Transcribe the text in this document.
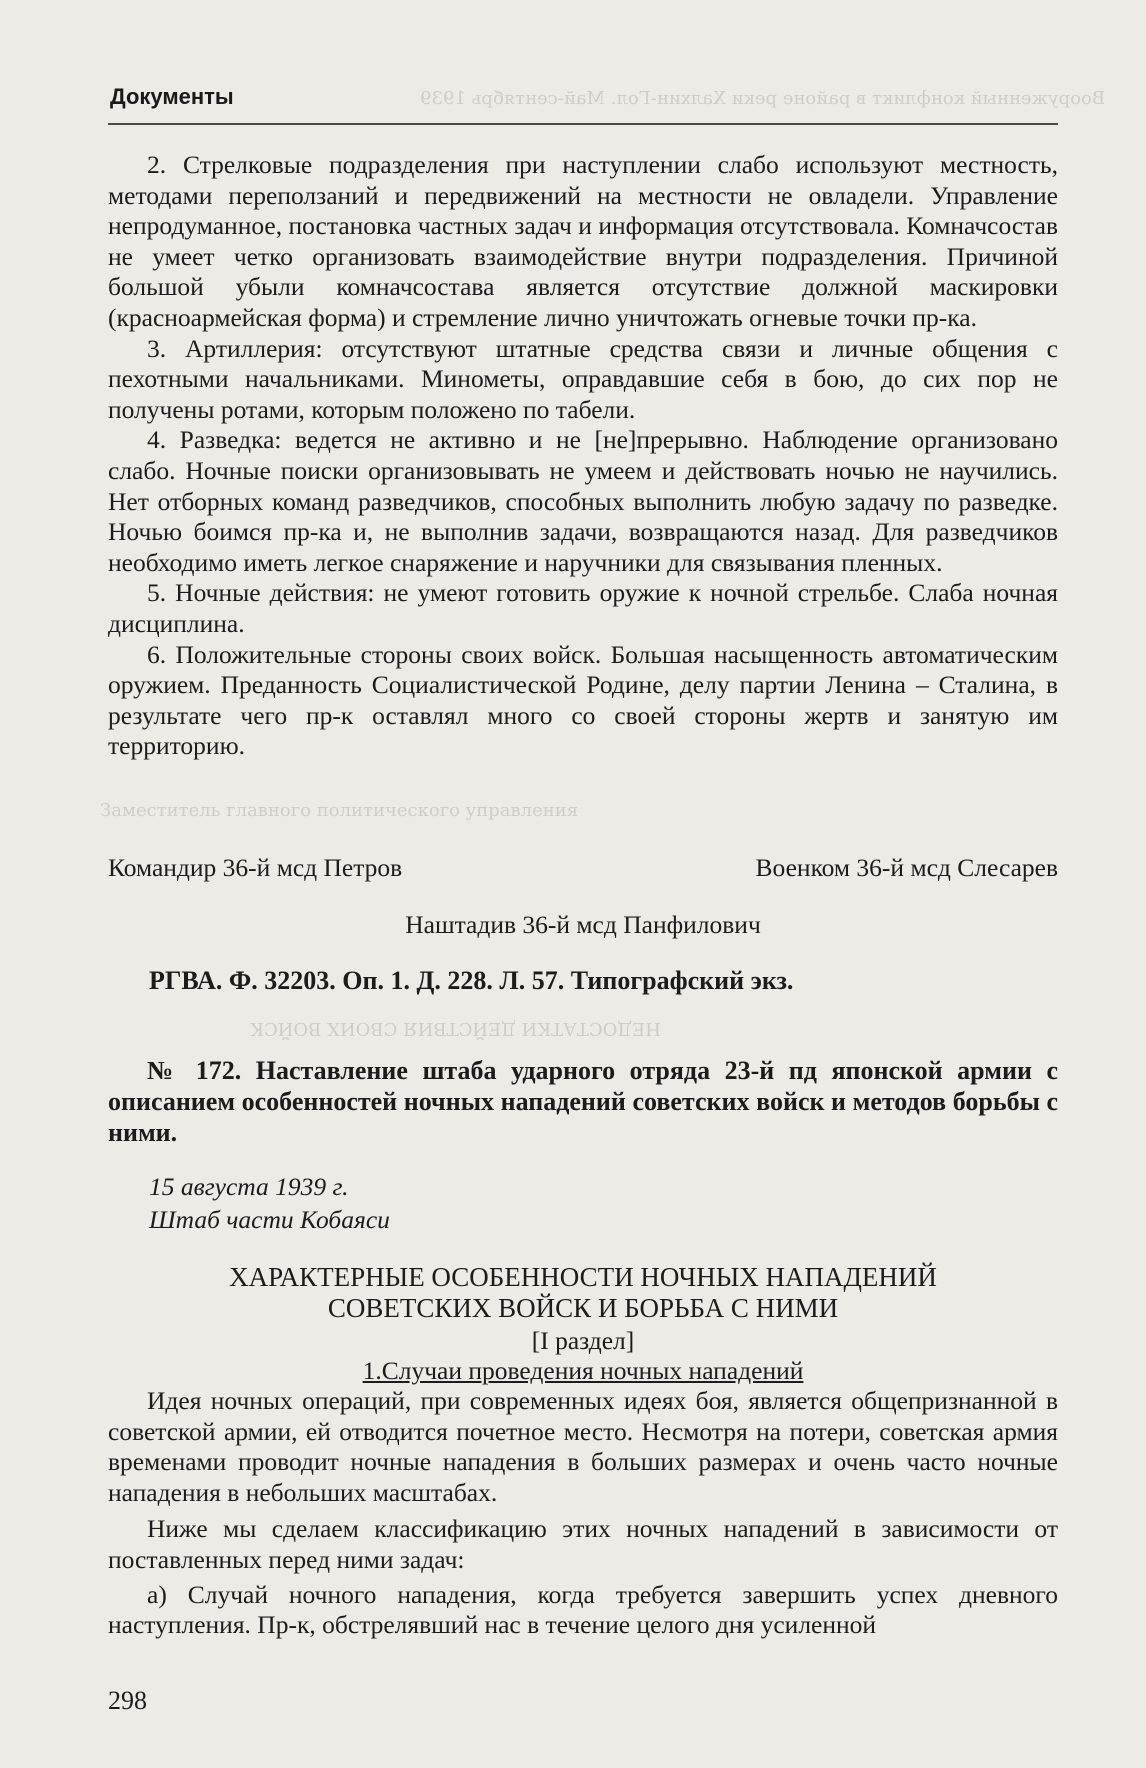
Вооруженный конфликт в районе реки Халхин-Гол. Май-сентябрь 1939
НЕДОСТАТКИ ДЕЙСТВИЯ СВОИХ ВОЙСК
Заместитель главного политического управления
Документы

2. Стрелковые подразделения при наступлении слабо используют местность, методами переползаний и передвижений на местности не овладели. Управление непродуманное, постановка частных задач и информация отсутствовала. Комначсостав не умеет четко организовать взаимодействие внутри подразделения. Причиной большой убыли комначсостава является отсутствие должной маскировки (красноармейская форма) и стремление лично уничтожать огневые точки пр-ка.

3. Артиллерия: отсутствуют штатные средства связи и личные общения с пехотными начальниками. Минометы, оправдавшие себя в бою, до сих пор не получены ротами, которым положено по табели.

4. Разведка: ведется не активно и не [не]прерывно. Наблюдение организовано слабо. Ночные поиски организовывать не умеем и действовать ночью не научились. Нет отборных команд разведчиков, способных выполнить любую задачу по разведке. Ночью боимся пр-ка и, не выполнив задачи, возвращаются назад. Для разведчиков необходимо иметь легкое снаряжение и наручники для связывания пленных.

5. Ночные действия: не умеют готовить оружие к ночной стрельбе. Слаба ночная дисциплина.

6. Положительные стороны своих войск. Большая насыщенность автоматическим оружием. Преданность Социалистической Родине, делу партии Ленина – Сталина, в результате чего пр-к оставлял много со своей стороны жертв и занятую им территорию.

Командир 36-й мсд Петров	Военком 36-й мсд Слесарев
Наштадив 36-й мсд Панфилович
РГВА. Ф. 32203. Оп. 1. Д. 228. Л. 57. Типографский экз.
№ 172. Наставление штаба ударного отряда 23-й пд японской армии с описанием особенностей ночных нападений советских войск и методов борьбы с ними.
15 августа 1939 г.
Штаб части Кобаяси
ХАРАКТЕРНЫЕ ОСОБЕННОСТИ НОЧНЫХ НАПАДЕНИЙ
СОВЕТСКИХ ВОЙСК И БОРЬБА С НИМИ
[I раздел]
1.Случаи проведения ночных нападений

Идея ночных операций, при современных идеях боя, является общепризнанной в советской армии, ей отводится почетное место. Несмотря на потери, советская армия временами проводит ночные нападения в больших размерах и очень часто ночные нападения в небольших масштабах.

Ниже мы сделаем классификацию этих ночных нападений в зависимости от поставленных перед ними задач:

а) Случай ночного нападения, когда требуется завершить успех дневного наступления. Пр-к, обстрелявший нас в течение целого дня усиленной

298
